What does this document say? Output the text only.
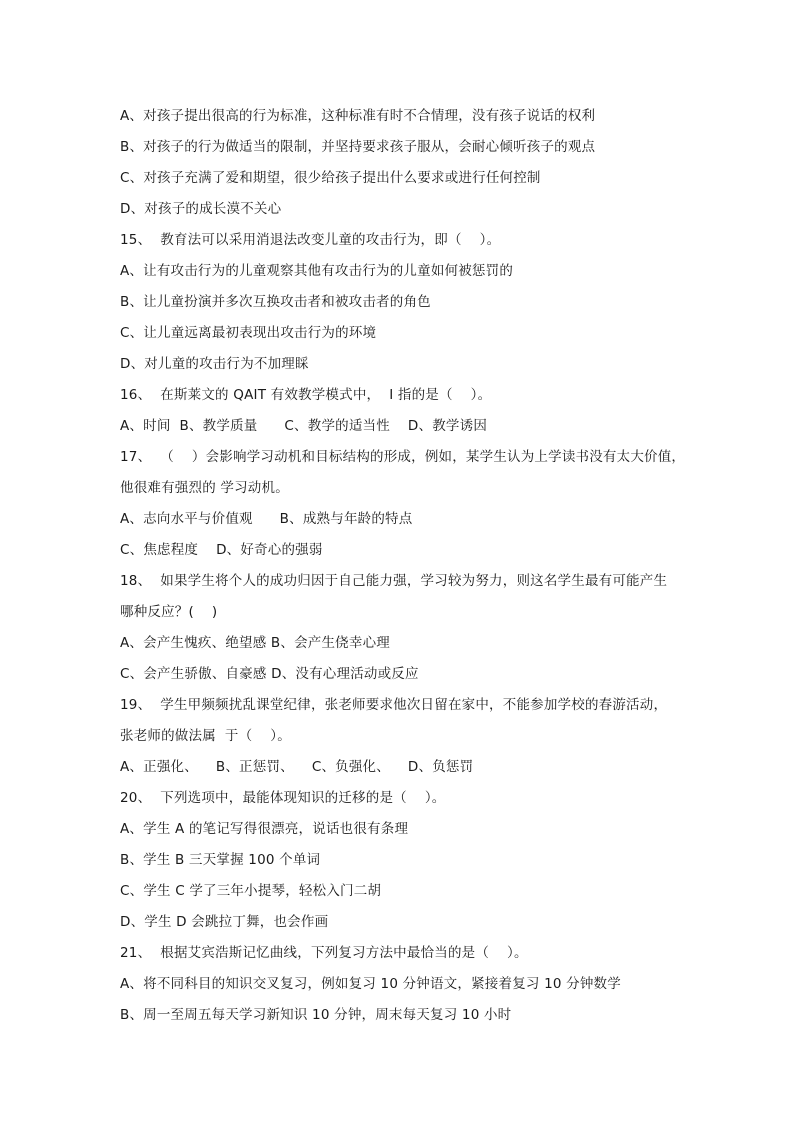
A、对孩子提出很高的行为标准，这种标准有时不合情理，没有孩子说话的权利
B、对孩子的行为做适当的限制，并坚持要求孩子服从，会耐心倾听孩子的观点
C、对孩子充满了爱和期望，很少给孩子提出什么要求或进行任何控制
D、对孩子的成长漠不关心
15、  教育法可以采用消退法改变儿童的攻击行为，即（    ）。
A、让有攻击行为的儿童观察其他有攻击行为的儿童如何被惩罚的
B、让儿童扮演并多次互换攻击者和被攻击者的角色
C、让儿童远离最初表现出攻击行为的环境
D、对儿童的攻击行为不加理睬
16、  在斯莱文的 QAIT 有效教学模式中，  I 指的是（    ）。
A、时间  B、教学质量      C、教学的适当性    D、教学诱因
17、  （    ）会影响学习动机和目标结构的形成，例如，某学生认为上学读书没有太大价值，
他很难有强烈的 学习动机。
A、志向水平与价值观      B、成熟与年龄的特点
C、焦虑程度    D、好奇心的强弱
18、  如果学生将个人的成功归因于自己能力强，学习较为努力，则这名学生最有可能产生
哪种反应？(    )
A、会产生愧疚、绝望感 B、会产生侥幸心理
C、会产生骄傲、自豪感 D、没有心理活动或反应
19、  学生甲频频扰乱课堂纪律，张老师要求他次日留在家中，不能参加学校的春游活动，
张老师的做法属  于（    ）。
A、正强化、    B、正惩罚、    C、负强化、    D、负惩罚
20、  下列选项中，最能体现知识的迁移的是（    ）。
A、学生 A 的笔记写得很漂亮，说话也很有条理
B、学生 B 三天掌握 100 个单词
C、学生 C 学了三年小提琴，轻松入门二胡
D、学生 D 会跳拉丁舞，也会作画
21、  根据艾宾浩斯记忆曲线，下列复习方法中最恰当的是（    ）。
A、将不同科目的知识交叉复习，例如复习 10 分钟语文，紧接着复习 10 分钟数学
B、周一至周五每天学习新知识 10 分钟，周末每天复习 10 小时
